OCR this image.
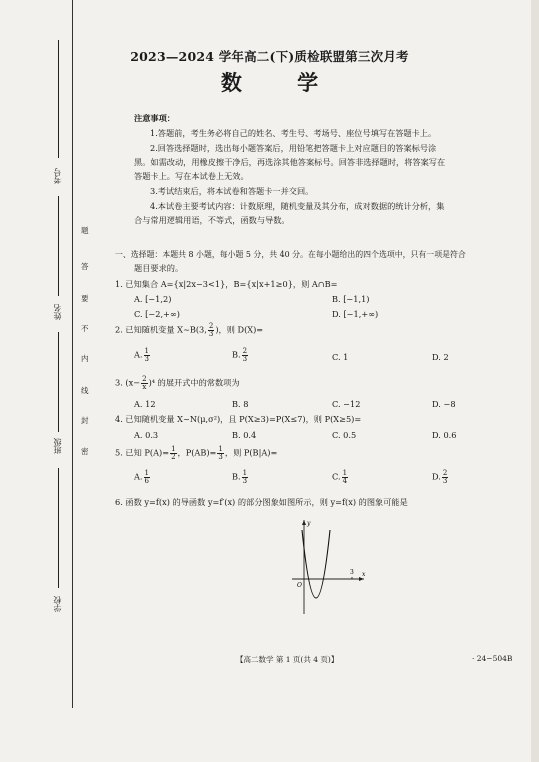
考号
姓名
班级
学校
题
答
要
不
内
线
封
密
2023—2024 学年高二(下)质检联盟第三次月考
数 学
注意事项：
1.答题前，考生务必将自己的姓名、考生号、考场号、座位号填写在答题卡上。
2.回答选择题时，选出每小题答案后，用铅笔把答题卡上对应题目的答案标号涂
黑。如需改动，用橡皮擦干净后，再选涂其他答案标号。回答非选择题时，将答案写在
答题卡上。写在本试卷上无效。
3.考试结束后，将本试卷和答题卡一并交回。
4.本试卷主要考试内容：计数原理，随机变量及其分布，成对数据的统计分析，集
合与常用逻辑用语，不等式，函数与导数。
一、选择题：本题共 8 小题，每小题 5 分，共 40 分。在每小题给出的四个选项中，只有一项是符合
题目要求的。
1. 已知集合 A={x|2x−3<1}，B={x|x+1≥0}，则 A∩B=
A. [−1,2)	B. [−1,1)
C. [−2,+∞)	D. [−1,+∞)
2. 已知随机变量 X~B(3, $\frac{2}{3}$ )，则 D(X)=
A. $\frac{1}{3}$	B. $\frac{2}{3}$	C. 1	D. 2
3. $(x- \frac{2}{x} )^4$ 的展开式中的常数项为
A. 12	B. 8	C. −12	D. −8
4. 已知随机变量 X~N(μ,σ²)，且 P(X≥3)=P(X≤7)，则 P(X≥5)=
A. 0.3	B. 0.4	C. 0.5	D. 0.6
5. 已知 $P(A)= \frac{1}{2}$ ，$P(AB)= \frac{1}{3}$ ，则 P(B|A)=
A. $\frac{1}{6}$	B. $\frac{1}{3}$	C. $\frac{1}{4}$	D. $\frac{2}{3}$
6. 函数 y=f(x) 的导函数 y=f′(x) 的部分图象如图所示，则 y=f(x) 的图象可能是
x
y
O
3
【高二数学 第 1 页(共 4 页)】	· 24−504B
